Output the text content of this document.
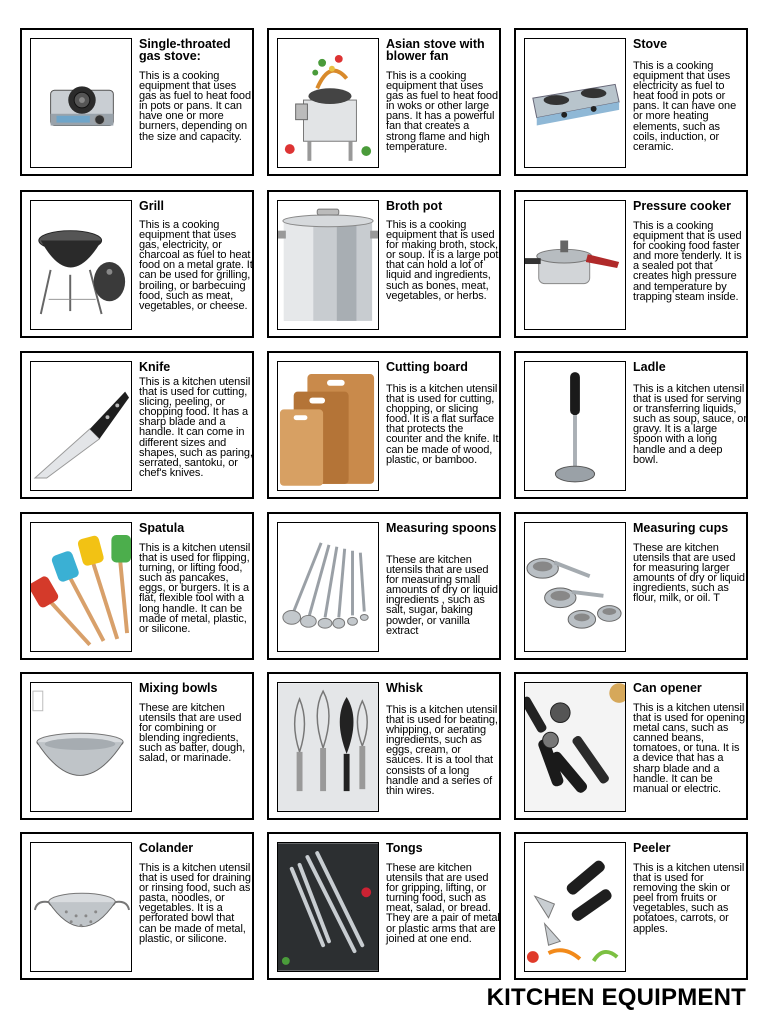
Single-throated gas stove:
This is a cooking equipment that uses gas as fuel to heat food in pots or pans. It can have one or more burners, depending on the size and capacity.
Asian stove with blower fan
This is a cooking equipment that uses gas as fuel to heat food in woks or other large pans. It has a powerful fan that creates a strong flame and high temperature.
Stove
This is a cooking equipment that uses electricity as fuel to heat food in pots or pans. It can have one or more heating elements, such as coils, induction, or ceramic.
Grill
This is a cooking equipment that uses gas, electricity, or charcoal as fuel to heat food on a metal grate. It can be used for grilling, broiling, or barbecuing food, such as meat, vegetables, or cheese.
Broth pot
This is a cooking equipment that is used for making broth, stock, or soup. It is a large pot that can hold a lot of liquid and ingredients, such as bones, meat, vegetables, or herbs.
Pressure cooker
This is a cooking equipment that is used for cooking food faster and more tenderly. It is a sealed pot that creates high pressure and temperature by trapping steam inside.
Knife
This is a kitchen utensil that is used for cutting, slicing, peeling, or chopping food. It has a sharp blade and a handle. It can come in different sizes and shapes, such as paring, serrated, santoku, or chef's knives.
Cutting board
This is a kitchen utensil that is used for cutting, chopping, or slicing food. It is a flat surface that protects the counter and the knife. It can be made of wood, plastic, or bamboo.
Ladle
This is a kitchen utensil that is used for serving or transferring liquids, such as soup, sauce, or gravy. It is a large spoon with a long handle and a deep bowl.
Spatula
This is a kitchen utensil that is used for flipping, turning, or lifting food, such as pancakes, eggs, or burgers. It is a flat, flexible tool with a long handle. It can be made of metal, plastic, or silicone.
Measuring spoons
These are kitchen utensils that are used for measuring small amounts of dry or liquid ingredients , such as salt, sugar, baking powder, or vanilla extract
Measuring cups
These are kitchen utensils that are used for measuring larger amounts of dry or liquid ingredients, such as flour, milk, or oil. T
Mixing bowls
These are kitchen utensils that are used for combining or blending ingredients, such as batter, dough, salad, or marinade.
Whisk
This is a kitchen utensil that is used for beating, whipping, or aerating ingredients, such as eggs, cream, or sauces. It is a tool that consists of a long handle and a series of thin wires.
Can opener
This is a kitchen utensil that is used for opening metal cans, such as canned beans, tomatoes, or tuna. It is a device that has a sharp blade and a handle. It can be manual or electric.
Colander
This is a kitchen utensil that is used for draining or rinsing food, such as pasta, noodles, or vegetables. It is a perforated bowl that can be made of metal, plastic, or silicone.
Tongs
These are kitchen utensils that are used for gripping, lifting, or turning food, such as meat, salad, or bread. They are a pair of metal or plastic arms that are joined at one end.
Peeler
This is a kitchen utensil that is used for removing the skin or peel from fruits or vegetables, such as potatoes, carrots, or apples.
KITCHEN EQUIPMENT
